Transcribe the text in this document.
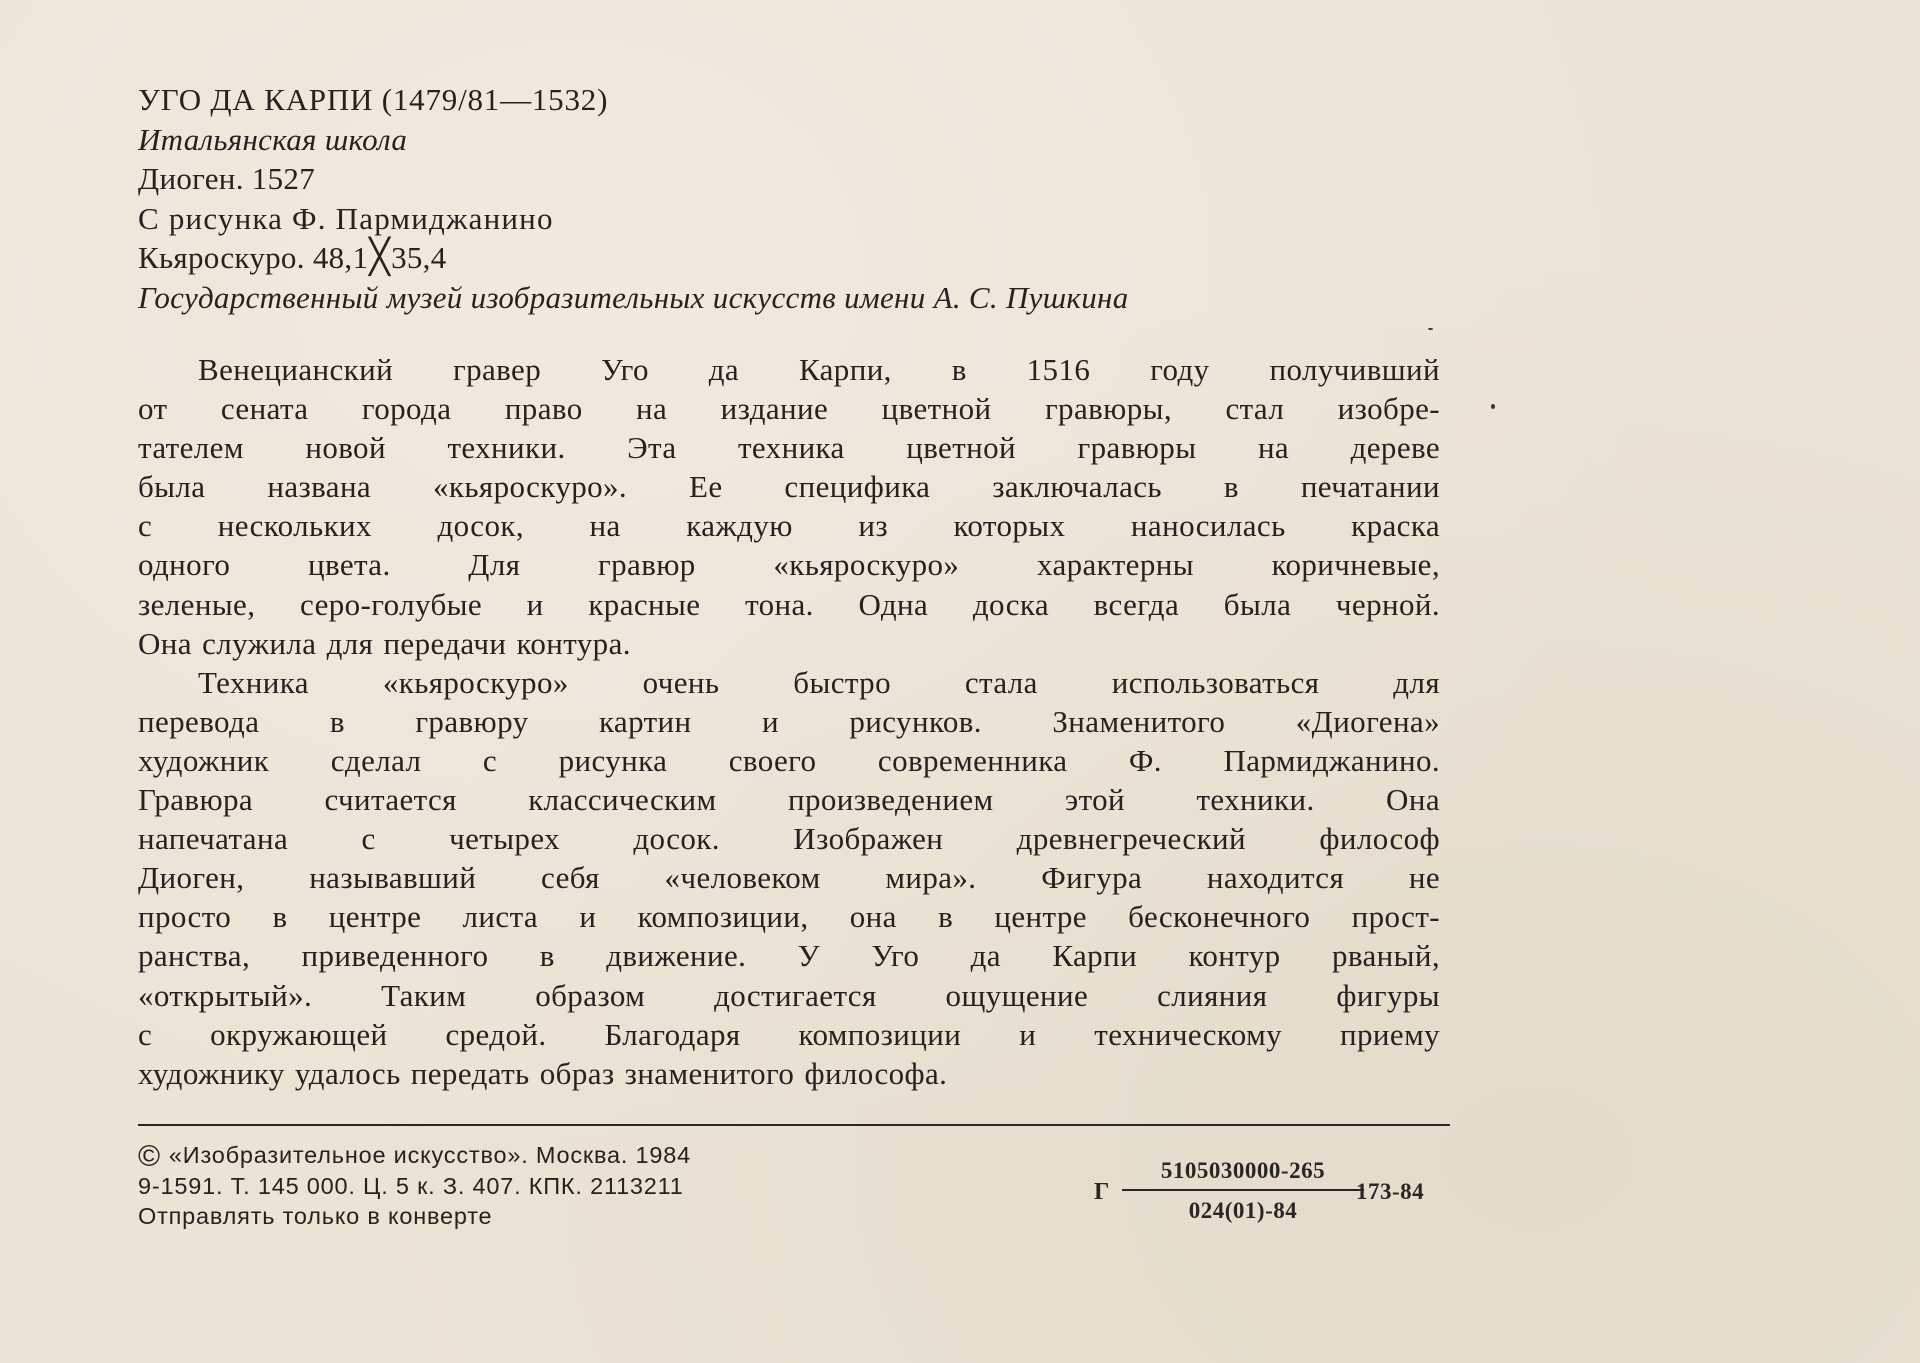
УГО ДА КАРПИ (1479/81—1532)
Итальянская школа
Диоген. 1527
С рисунка Ф. Пармиджанино
Кьяроскуро. 48,1╳35,4
Государственный музей изобразительных искусств имени А. С. Пушкина

Венецианский гравер Уго да Карпи, в 1516 году получивший
от сената города право на издание цветной гравюры, стал изобре-
тателем новой техники. Эта техника цветной гравюры на дереве
была названа «кьяроскуро». Ее специфика заключалась в печатании
с нескольких досок, на каждую из которых наносилась краска
одного цвета. Для гравюр «кьяроскуро» характерны коричневые,
зеленые, серо-голубые и красные тона. Одна доска всегда была черной.
Она служила для передачи контура.

Техника «кьяроскуро» очень быстро стала использоваться для
перевода в гравюру картин и рисунков. Знаменитого «Диогена»
художник сделал с рисунка своего современника Ф. Пармиджанино.
Гравюра считается классическим произведением этой техники. Она
напечатана с четырех досок. Изображен древнегреческий философ
Диоген, называвший себя «человеком мира». Фигура находится не
просто в центре листа и композиции, она в центре бесконечного прост-
ранства, приведенного в движение. У Уго да Карпи контур рваный,
«открытый». Таким образом достигается ощущение слияния фигуры
с окружающей средой. Благодаря композиции и техническому приему
художнику удалось передать образ знаменитого философа.

© «Изобразительное искусство». Москва. 1984
9-1591. Т. 145 000. Ц. 5 к. З. 407. КПК. 2113211
Отправлять только в конверте
Г
5105030000-265
024(01)-84
173-84
